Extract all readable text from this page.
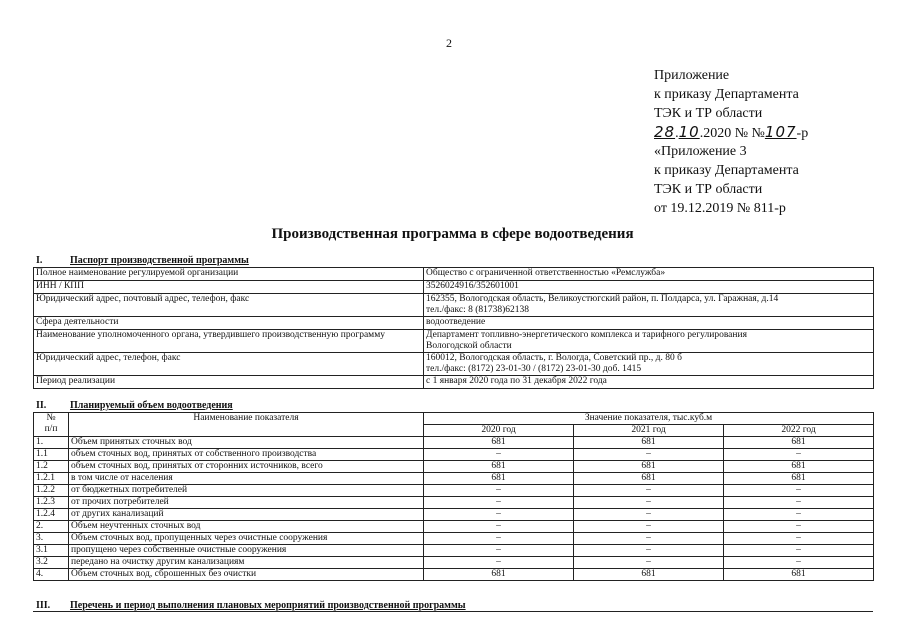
2
Приложение
к приказу Департамента
ТЭК и ТР области
28.10.2020 № №107-р
«Приложение 3
к приказу Департамента
ТЭК и ТР области
от 19.12.2019 № 811-р
Производственная программа в сфере водоотведения
I.	Паспорт производственной программы
Полное наименование регулируемой организации	Общество с ограниченной ответственностью «Ремслужба»

ИНН / КПП	3526024916/352601001

Юридический адрес, почтовый адрес, телефон, факс	162355, Вологодская область, Великоустюгский район, п. Полдарса, ул. Гаражная, д.14
тел./факс: 8 (81738)62138

Сфера деятельности	водоотведение

Наименование уполномоченного органа, утвердившего производственную программу	Департамент топливно-энергетического комплекса и тарифного регулирования
Вологодской области

Юридический адрес, телефон, факс	160012, Вологодская область, г. Вологда, Советский пр., д. 80 б
тел./факс: (8172) 23-01-30 / (8172) 23-01-30 доб. 1415

Период реализации	с 1 января 2020 года по 31 декабря 2022 года
II. Планируемый объем водоотведения
№
п/п	Наименование показателя	Значение показателя, тыс.куб.м		
		2020 год	2021 год	2022 год
1.	Объем принятых сточных вод	681	681	681
1.1	объем сточных вод, принятых от собственного производства	–	–	–
1.2	объем сточных вод, принятых от сторонних источников, всего	681	681	681
1.2.1	в том числе от населения	681	681	681
1.2.2	от бюджетных потребителей	–	–	–
1.2.3	от прочих потребителей	–	–	–
1.2.4	от других канализаций	–	–	–
2.	Объем неучтенных сточных вод	–	–	–
3.	Объем сточных вод, пропущенных через очистные сооружения	–	–	–
3.1	пропущено через собственные очистные сооружения	–	–	–
3.2	передано на очистку другим канализациям	–	–	–
4.	Объем сточных вод, сброшенных без очистки	681	681	681
III. Перечень и период выполнения плановых мероприятий производственной программы
